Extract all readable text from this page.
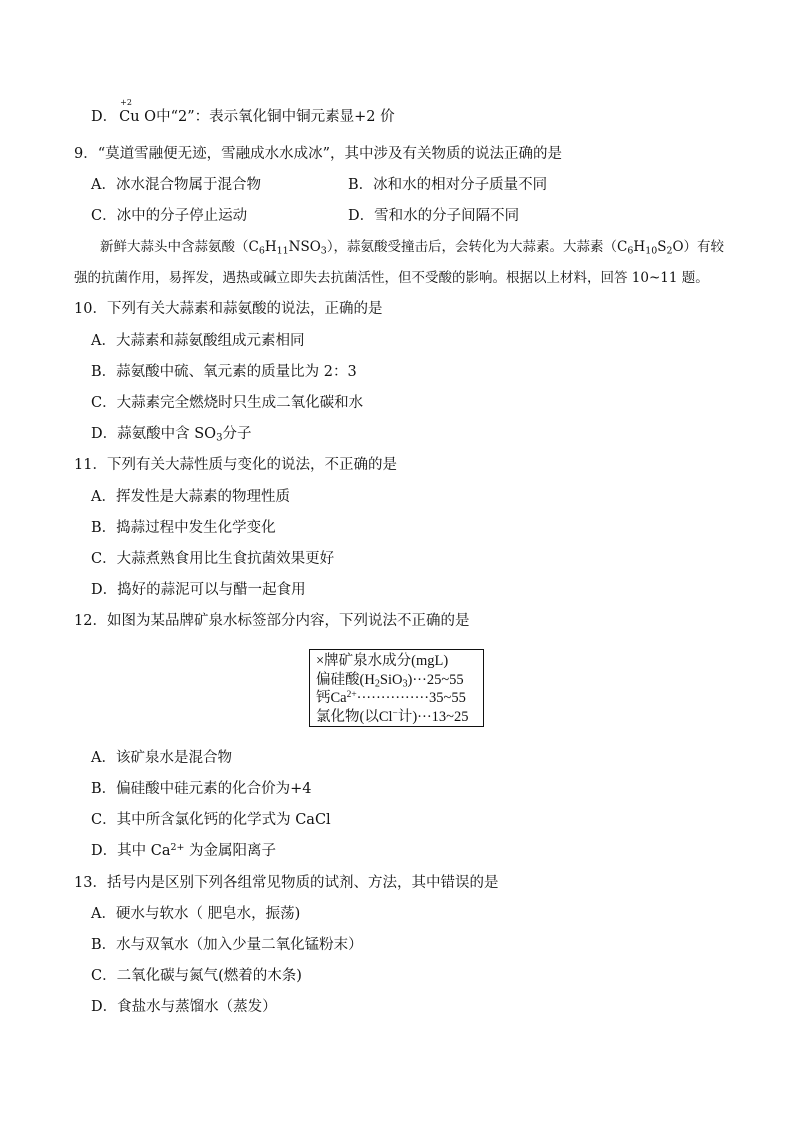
D．
+2
Cu O中“2”：表示氧化铜中铜元素显+2 价
9．“莫道雪融便无迹，雪融成水水成冰”，其中涉及有关物质的说法正确的是
A．冰水混合物属于混合物	B．冰和水的相对分子质量不同
C．冰中的分子停止运动	D．雪和水的分子间隔不同

新鲜大蒜头中含蒜氨酸$(C_6H_{11}NSO_3)$，蒜氨酸受撞击后，会转化为大蒜素。大蒜素$(C_6H_{10}S_2O)$有较强的抗菌作用，易挥发，遇热或碱立即失去抗菌活性，但不受酸的影响。根据以上材料，回答 10~11 题。

10．下列有关大蒜素和蒜氨酸的说法，正确的是
A．大蒜素和蒜氨酸组成元素相同
B．蒜氨酸中硫、氧元素的质量比为 2：3
C．大蒜素完全燃烧时只生成二氧化碳和水
D．蒜氨酸中含 $SO_3$分子
11．下列有关大蒜性质与变化的说法，不正确的是
A．挥发性是大蒜素的物理性质
B．捣蒜过程中发生化学变化
C．大蒜煮熟食用比生食抗菌效果更好
D．捣好的蒜泥可以与醋一起食用
12．如图为某品牌矿泉水标签部分内容，下列说法不正确的是
×牌矿泉水成分(mgL)
偏硅酸$(H_2SiO_3)\cdot\cdot\cdot 25\sim 55$
钙$Ca^{2+}\cdot\cdot\cdot\cdot\cdot\cdot\cdot\cdot\cdot\cdot\cdot\cdot\cdot\cdot\cdot 35\sim 55$
氯化物(以Cl−计)···13~25
A．该矿泉水是混合物
B．偏硅酸中硅元素的化合价为+4
C．其中所含氯化钙的化学式为 CaCl
D．其中 $Ca^{2+}$ 为金属阳离子
13．括号内是区别下列各组常见物质的试剂、方法，其中错误的是
A．硬水与软水（ 肥皂水，振荡)
B．水与双氧水（加入少量二氧化锰粉末）
C．二氧化碳与氮气(燃着的木条)
D．食盐水与蒸馏水（蒸发）
